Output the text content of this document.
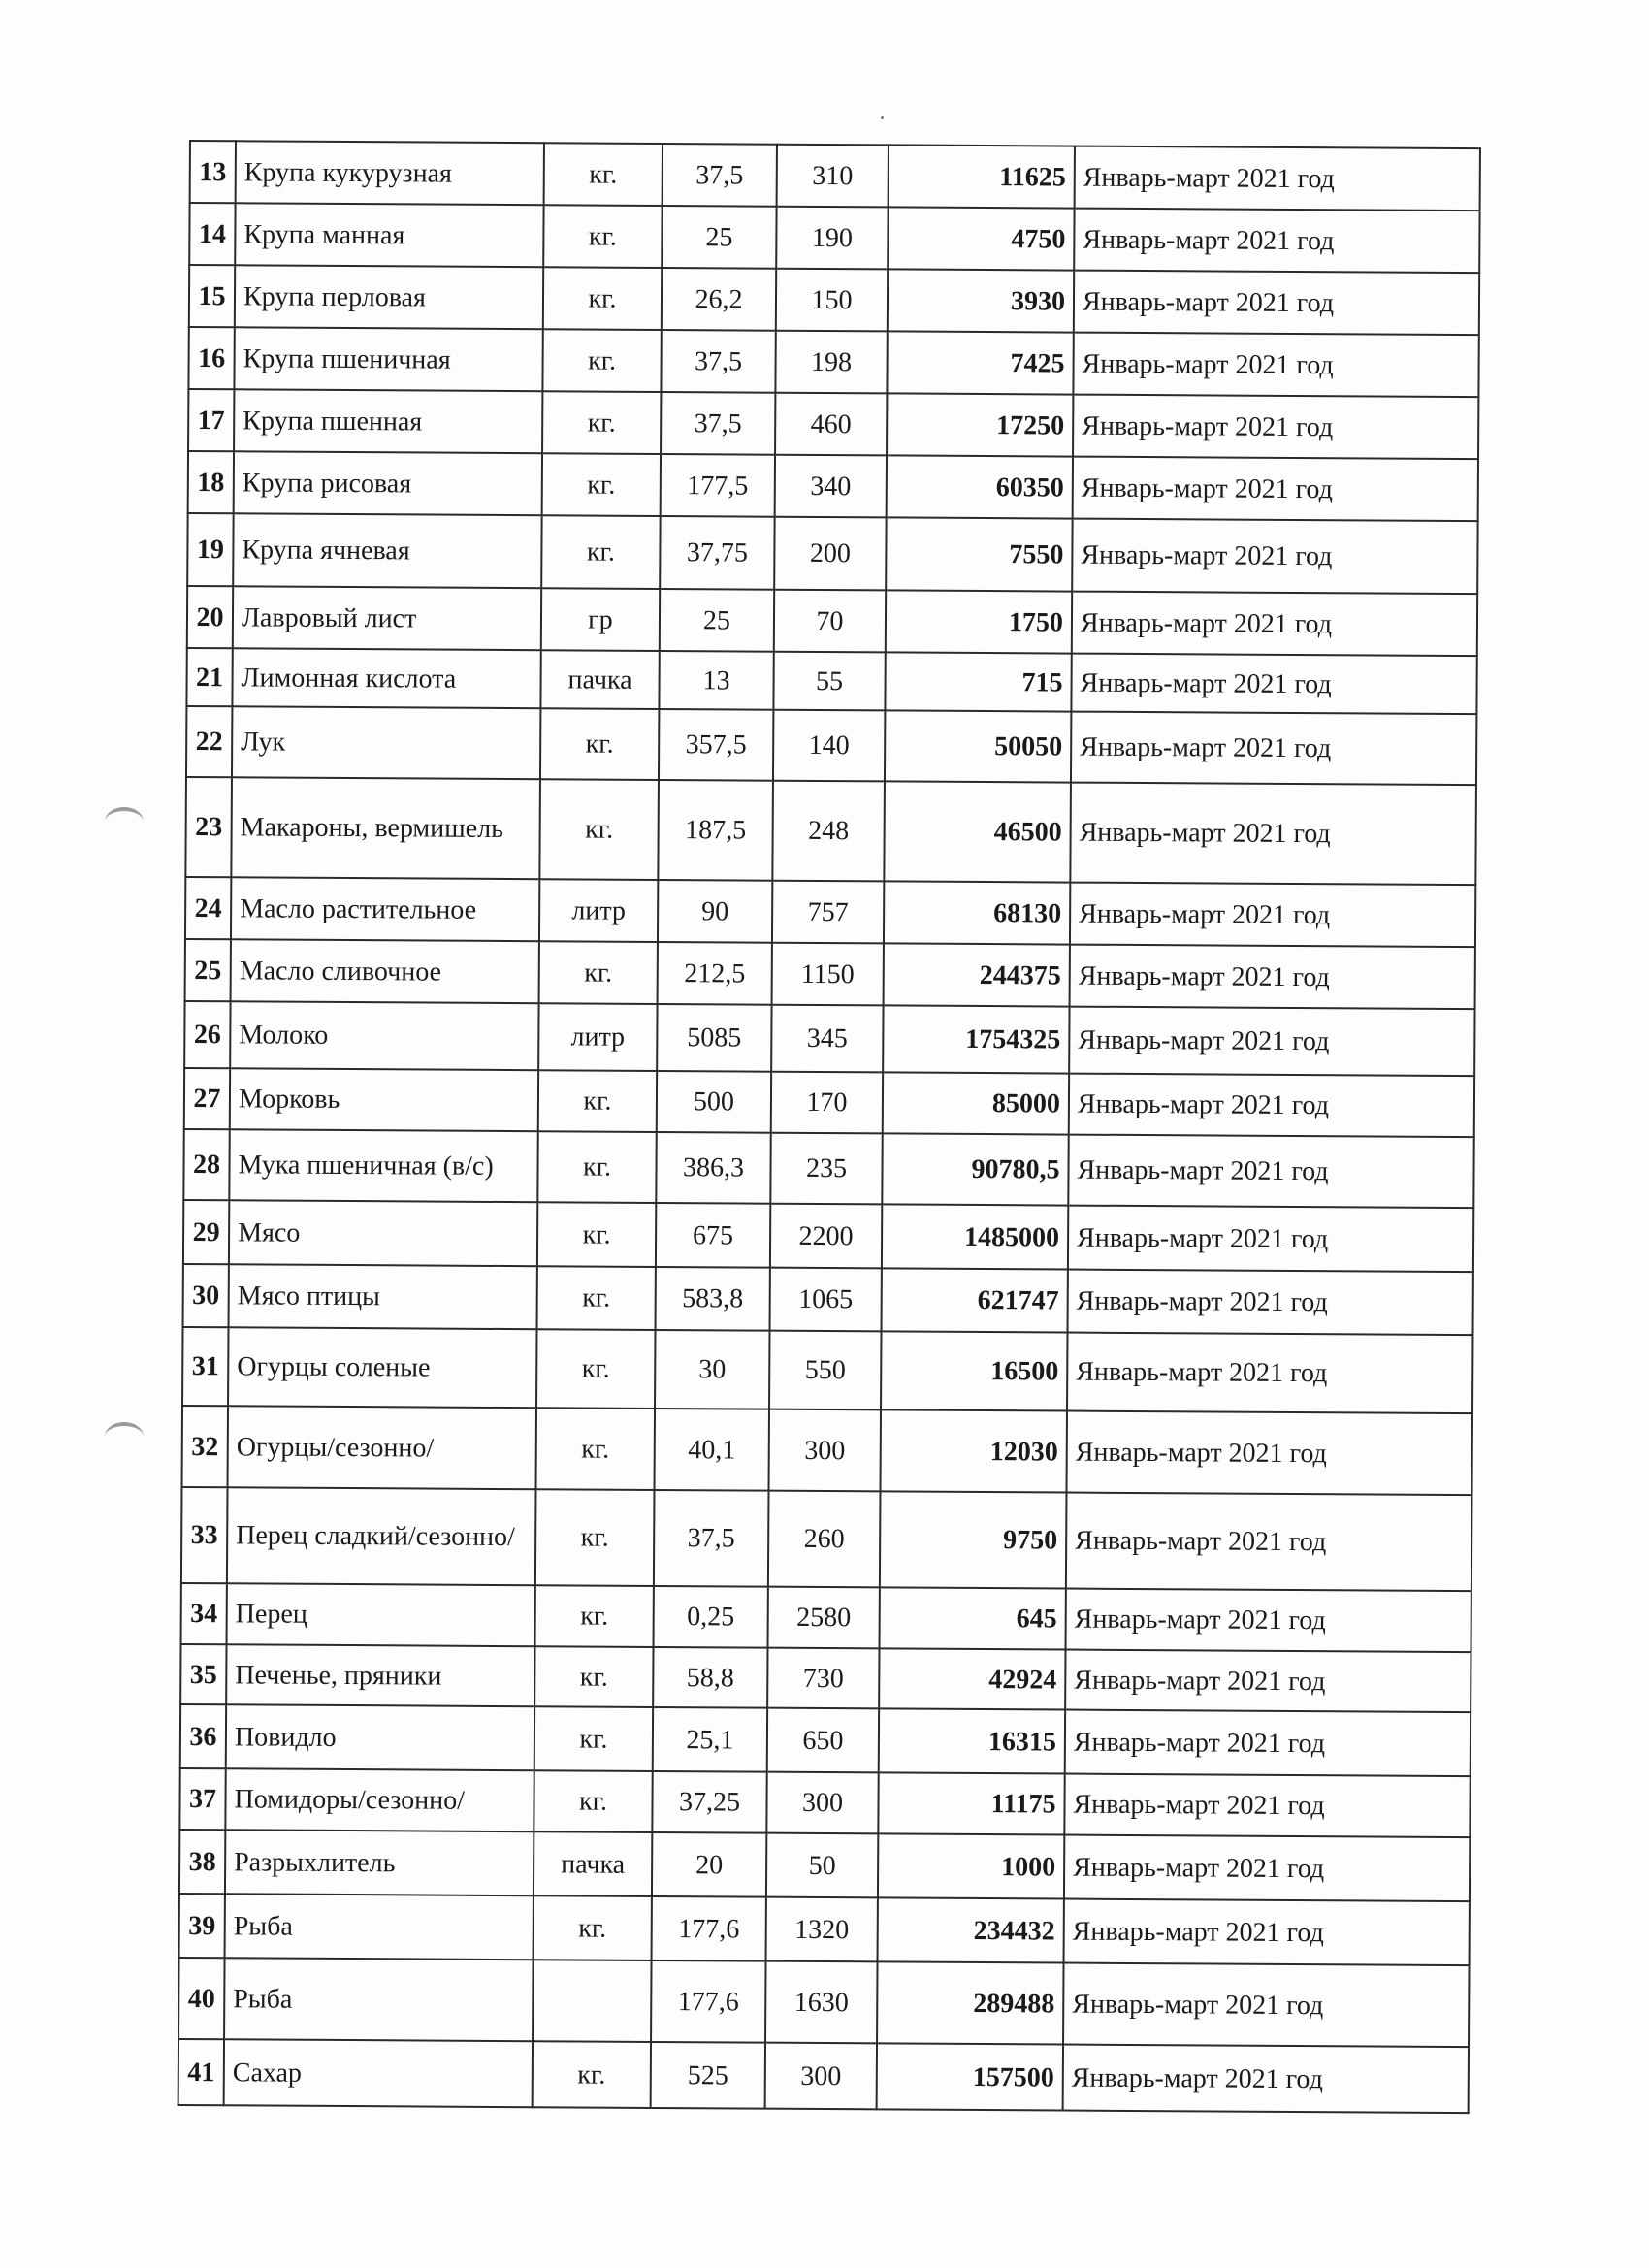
13	Крупа кукурузная	кг.	37,5	310	11625	Январь-март 2021 год
14	Крупа манная	кг.	25	190	4750	Январь-март 2021 год
15	Крупа перловая	кг.	26,2	150	3930	Январь-март 2021 год
16	Крупа пшеничная	кг.	37,5	198	7425	Январь-март 2021 год
17	Крупа пшенная	кг.	37,5	460	17250	Январь-март 2021 год
18	Крупа рисовая	кг.	177,5	340	60350	Январь-март 2021 год
19	Крупа ячневая	кг.	37,75	200	7550	Январь-март 2021 год
20	Лавровый лист	гр	25	70	1750	Январь-март 2021 год
21	Лимонная кислота	пачка	13	55	715	Январь-март 2021 год
22	Лук	кг.	357,5	140	50050	Январь-март 2021 год
23	Макароны, вермишель	кг.	187,5	248	46500	Январь-март 2021 год
24	Масло растительное	литр	90	757	68130	Январь-март 2021 год
25	Масло сливочное	кг.	212,5	1150	244375	Январь-март 2021 год
26	Молоко	литр	5085	345	1754325	Январь-март 2021 год
27	Морковь	кг.	500	170	85000	Январь-март 2021 год
28	Мука пшеничная (в/с)	кг.	386,3	235	90780,5	Январь-март 2021 год
29	Мясо	кг.	675	2200	1485000	Январь-март 2021 год
30	Мясо птицы	кг.	583,8	1065	621747	Январь-март 2021 год
31	Огурцы соленые	кг.	30	550	16500	Январь-март 2021 год
32	Огурцы/сезонно/	кг.	40,1	300	12030	Январь-март 2021 год
33	Перец сладкий/сезонно/	кг.	37,5	260	9750	Январь-март 2021 год
34	Перец	кг.	0,25	2580	645	Январь-март 2021 год
35	Печенье, пряники	кг.	58,8	730	42924	Январь-март 2021 год
36	Повидло	кг.	25,1	650	16315	Январь-март 2021 год
37	Помидоры/сезонно/	кг.	37,25	300	11175	Январь-март 2021 год
38	Разрыхлитель	пачка	20	50	1000	Январь-март 2021 год
39	Рыба	кг.	177,6	1320	234432	Январь-март 2021 год
40	Рыба		177,6	1630	289488	Январь-март 2021 год
41	Сахар	кг.	525	300	157500	Январь-март 2021 год
